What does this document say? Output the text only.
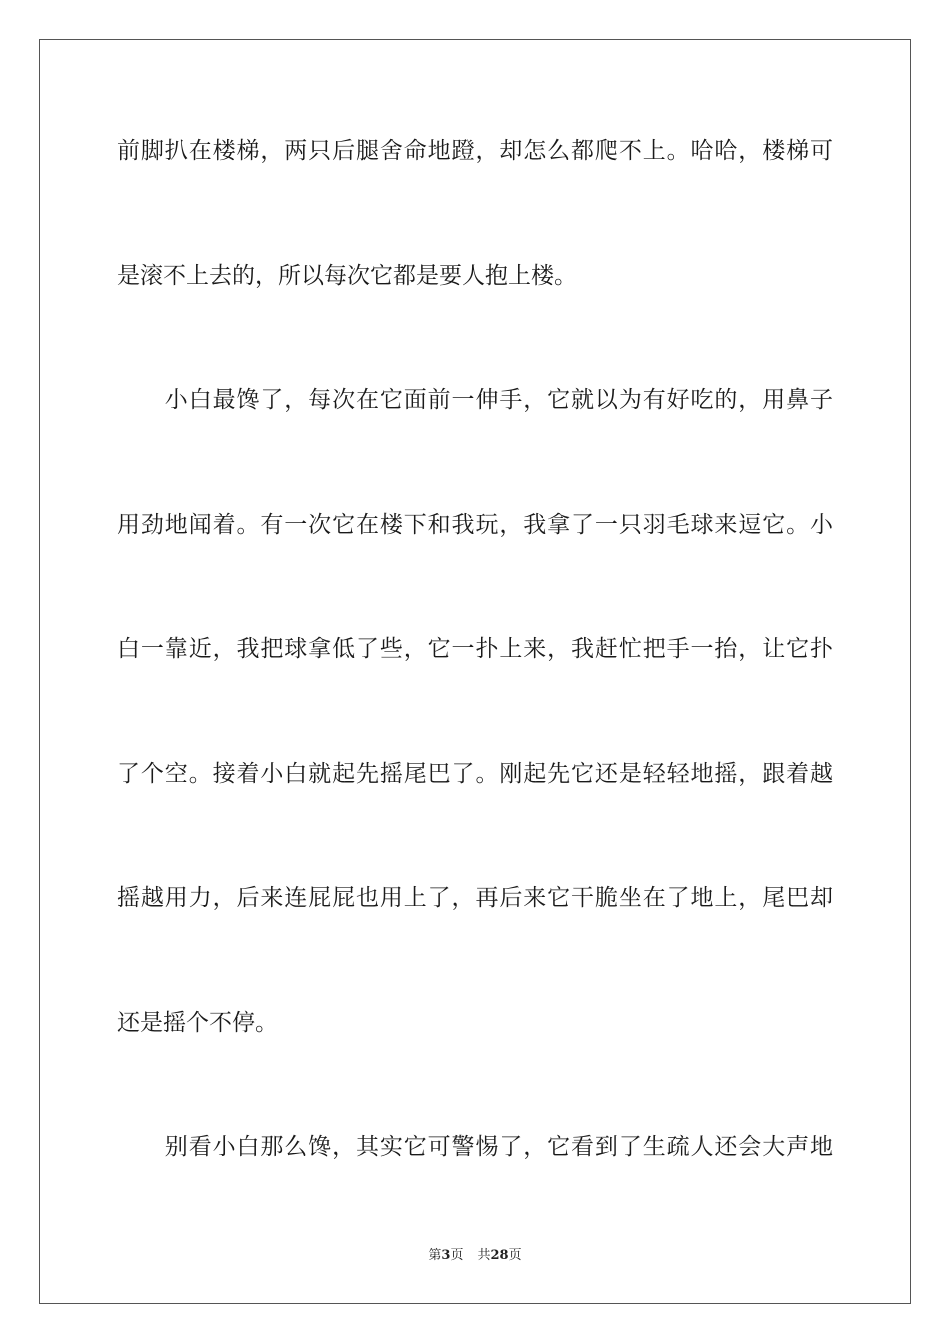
前脚扒在楼梯，两只后腿舍命地蹬，却怎么都爬不上。哈哈，楼梯可
是滚不上去的，所以每次它都是要人抱上楼。
　　小白最馋了，每次在它面前一伸手，它就以为有好吃的，用鼻子
用劲地闻着。有一次它在楼下和我玩，我拿了一只羽毛球来逗它。小
白一靠近，我把球拿低了些，它一扑上来，我赶忙把手一抬，让它扑
了个空。接着小白就起先摇尾巴了。刚起先它还是轻轻地摇，跟着越
摇越用力，后来连屁屁也用上了，再后来它干脆坐在了地上，尾巴却
还是摇个不停。
　　别看小白那么馋，其实它可警惕了，它看到了生疏人还会大声地
第3页 共28页
